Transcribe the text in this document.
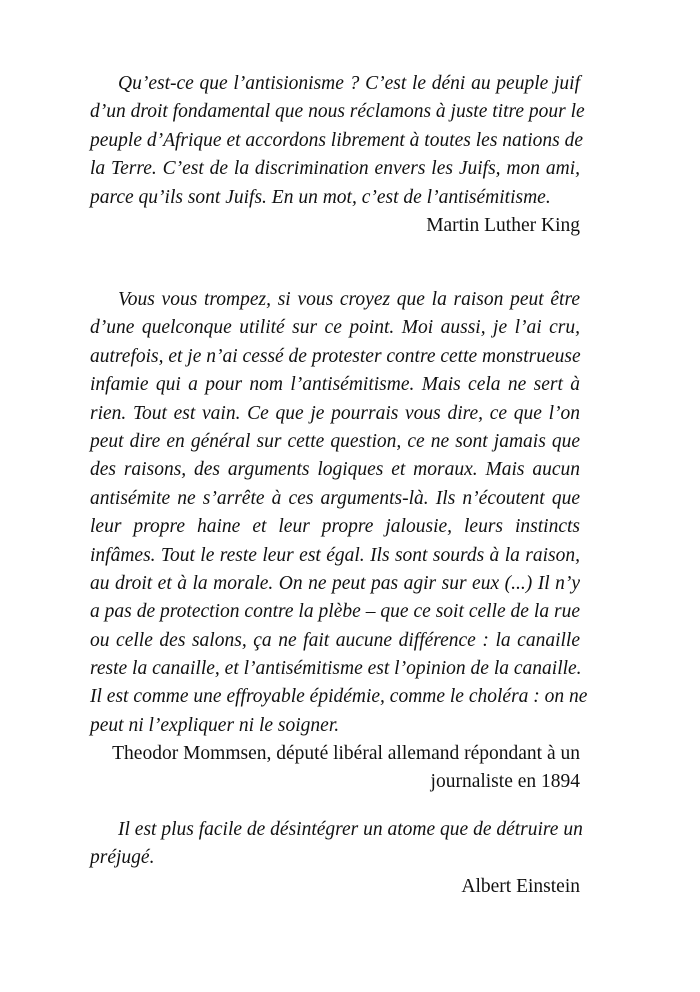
Qu’est-ce que l’antisionisme ? C’est le déni au peuple juif
d’un droit fondamental que nous réclamons à juste titre pour le
peuple d’Afrique et accordons librement à toutes les nations de
la Terre. C’est de la discrimination envers les Juifs, mon ami,
parce qu’ils sont Juifs. En un mot, c’est de l’antisémitisme.
Martin Luther King
Vous vous trompez, si vous croyez que la raison peut être
d’une quelconque utilité sur ce point. Moi aussi, je l’ai cru,
autrefois, et je n’ai cessé de protester contre cette monstrueuse
infamie qui a pour nom l’antisémitisme. Mais cela ne sert à
rien. Tout est vain. Ce que je pourrais vous dire, ce que l’on
peut dire en général sur cette question, ce ne sont jamais que
des raisons, des arguments logiques et moraux. Mais aucun
antisémite ne s’arrête à ces arguments-là. Ils n’écoutent que
leur propre haine et leur propre jalousie, leurs instincts
infâmes. Tout le reste leur est égal. Ils sont sourds à la raison,
au droit et à la morale. On ne peut pas agir sur eux (...) Il n’y
a pas de protection contre la plèbe – que ce soit celle de la rue
ou celle des salons, ça ne fait aucune différence : la canaille
reste la canaille, et l’antisémitisme est l’opinion de la canaille.
Il est comme une effroyable épidémie, comme le choléra : on ne
peut ni l’expliquer ni le soigner.
Theodor Mommsen, député libéral allemand répondant à un
journaliste en 1894
Il est plus facile de désintégrer un atome que de détruire un
préjugé.
Albert Einstein
